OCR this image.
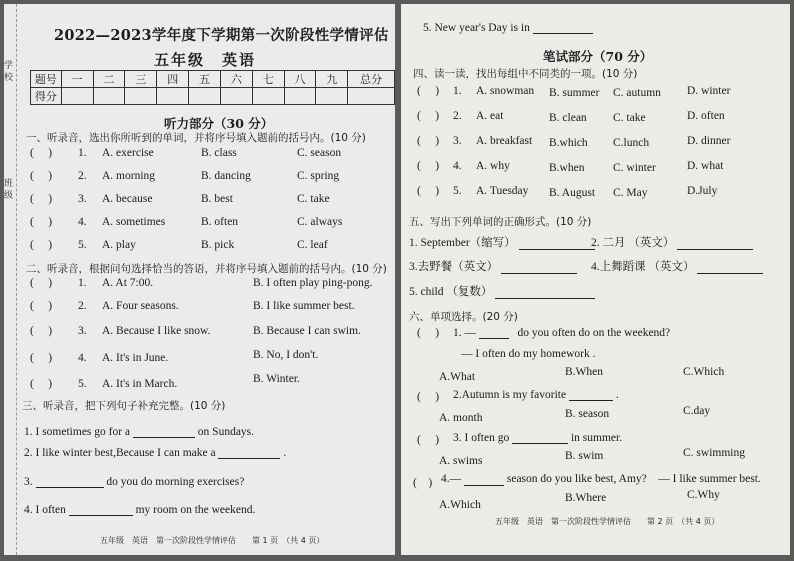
学
校
班
级
2022—2023学年度下学期第一次阶段性学情评估
五年级　英语
题号	一	二	三	四	五	六	七	八	九	总分
得分										
听力部分（30 分）
一、听录音，选出你所听到的单词，并将序号填入题前的括号内。(10 分)
(     ) 1. A. exercise	B. class	C. season
(     ) 2. A. morning	B. dancing	C. spring
(     ) 3. A. because	B. best	C. take
(     ) 4. A. sometimes	B. often	C. always
(     ) 5. A. play	B. pick	C. leaf
二、听录音，根据问句选择恰当的答语，并将序号填入题前的括号内。(10 分)
(     ) 1. A. At 7:00.	B. I often play ping-pong.
(     ) 2. A. Four seasons.	B. I like summer best.
(     ) 3. A. Because I like snow.	B. Because I can swim.
(     ) 4. A. It's in June.	B. No, I don't.
(     ) 5. A. It's in March.	B. Winter.
三、听录音，把下列句子补充完整。(10 分)
1. I sometimes go for a	on Sundays.
2. I like winter best,Because I can make a	.
3.	do you do morning exercises?
4. I often	my room on the weekend.
五年级　英语　第一次阶段性学情评估　　第 1 页　（共 4 页）
5. New year's Day is in
笔试部分（70 分）
四、读一读，找出每组中不同类的一项。(10 分)
(     ) 1. A. snowman B. summer C. autumn D. winter
(     ) 2. A. eat	B. clean C. take	D. often
(     ) 3. A. breakfast B.which C.lunch	D. dinner
(     ) 4. A. why	B.when C. winter	D. what
(     ) 5. A. Tuesday B. August C. May	D.July
五、写出下列单词的正确形式。(10 分)
1. September（缩写）	2. 二月 （英文）
3.去野餐（英文）	4.上舞蹈课 （英文）
5. child （复数）
六、单项选择。(20 分)
(     ) 1. —	do you often do on the weekend?
— I often do my homework .
A.What	B.When	C.Which
(     ) 2.Autumn is my favorite	.
A. month	B. season	C.day
(     ) 3. I often go	in summer.
A. swims	B. swim	C. swimming
(    ) 4.—	season do you like best, Amy?　— I like summer best.
A.Which
B.Where	C.Why
五年级　英语　第一次阶段性学情评估　　第 2 页　（共 4 页）
